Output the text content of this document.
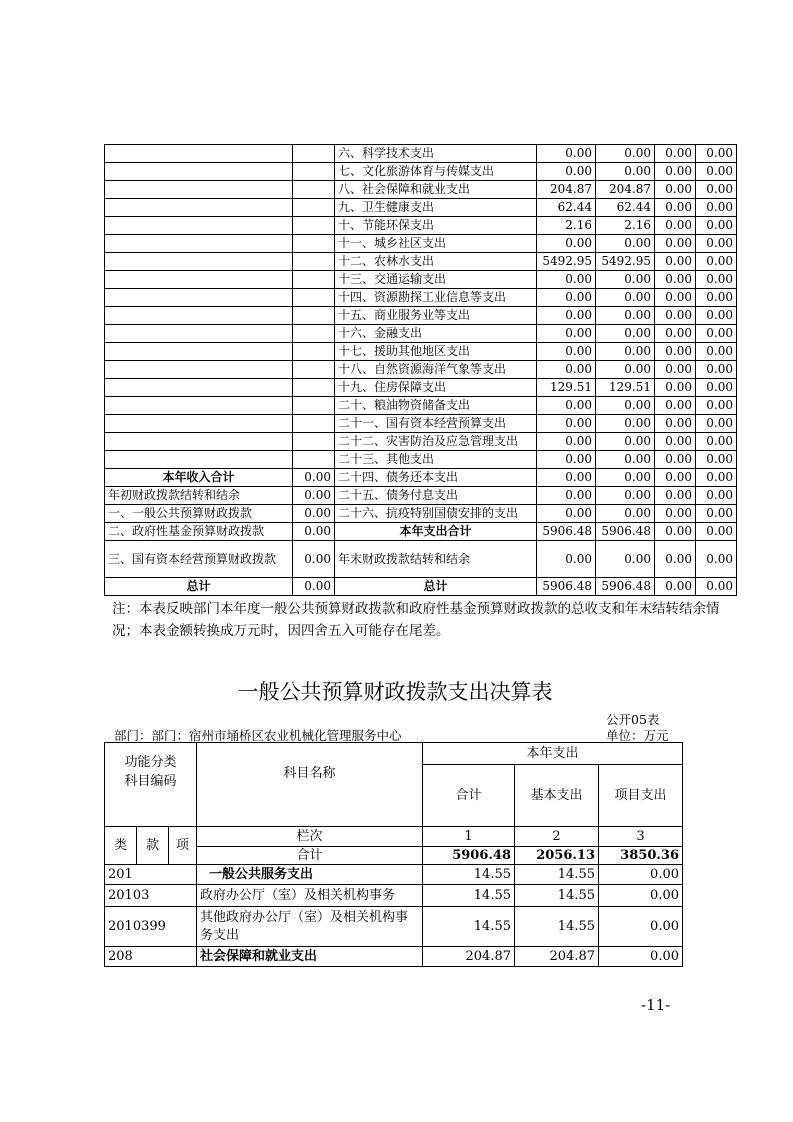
		六、科学技术支出	0.00	0.00	0.00	0.00
		七、文化旅游体育与传媒支出	0.00	0.00	0.00	0.00
		八、社会保障和就业支出	204.87	204.87	0.00	0.00
		九、卫生健康支出	62.44	62.44	0.00	0.00
		十、节能环保支出	2.16	2.16	0.00	0.00
		十一、城乡社区支出	0.00	0.00	0.00	0.00
		十二、农林水支出	5492.95	5492.95	0.00	0.00
		十三、交通运输支出	0.00	0.00	0.00	0.00
		十四、资源勘探工业信息等支出	0.00	0.00	0.00	0.00
		十五、商业服务业等支出	0.00	0.00	0.00	0.00
		十六、金融支出	0.00	0.00	0.00	0.00
		十七、援助其他地区支出	0.00	0.00	0.00	0.00
		十八、自然资源海洋气象等支出	0.00	0.00	0.00	0.00
		十九、住房保障支出	129.51	129.51	0.00	0.00
		二十、粮油物资储备支出	0.00	0.00	0.00	0.00
		二十一、国有资本经营预算支出	0.00	0.00	0.00	0.00
		二十二、灾害防治及应急管理支出	0.00	0.00	0.00	0.00
		二十三、其他支出	0.00	0.00	0.00	0.00
本年收入合计	0.00	二十四、债务还本支出	0.00	0.00	0.00	0.00
年初财政拨款结转和结余	0.00	二十五、债务付息支出	0.00	0.00	0.00	0.00
一、一般公共预算财政拨款	0.00	二十六、抗疫特别国债安排的支出	0.00	0.00	0.00	0.00
二、政府性基金预算财政拨款	0.00	本年支出合计	5906.48	5906.48	0.00	0.00
三、国有资本经营预算财政拨款	0.00	年末财政拨款结转和结余	0.00	0.00	0.00	0.00
总计	0.00	总计	5906.48	5906.48	0.00	0.00
注：本表反映部门本年度一般公共预算财政拨款和政府性基金预算财政拨款的总收支和年末结转结余情况；本表金额转换成万元时，因四舍五入可能存在尾差。
一般公共预算财政拨款支出决算表
公开05表
部门：部门：宿州市埇桥区农业机械化管理服务中心	单位：万元
功能分类
科目编码			科目名称	本年支出		
				合计	基本支出	项目支出

类	款	项	栏次	1	2	3
			合计	5906.48	2056.13	3850.36
201			一般公共服务支出	14.55	14.55	0.00
20103			政府办公厅（室）及相关机构事务	14.55	14.55	0.00
2010399			其他政府办公厅（室）及相关机构事务支出	14.55	14.55	0.00
208			社会保障和就业支出	204.87	204.87	0.00
-11-
